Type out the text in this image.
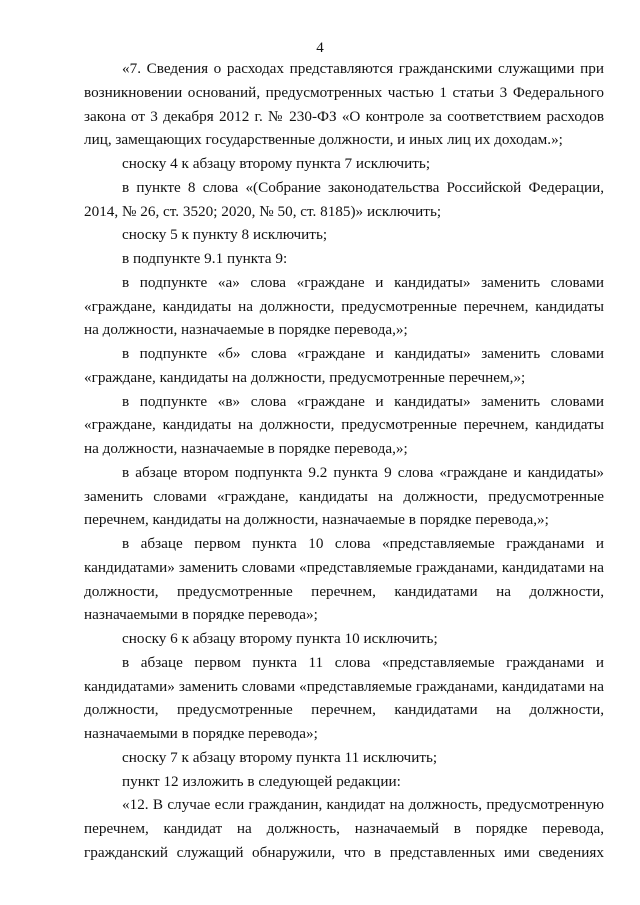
4

«7. Сведения о расходах представляются гражданскими служащими при возникновении оснований, предусмотренных частью 1 статьи 3 Федерального закона от 3 декабря 2012 г. № 230-ФЗ «О контроле за соответствием расходов лиц, замещающих государственные должности, и иных лиц их доходам.»;

сноску 4 к абзацу второму пункта 7 исключить;

в пункте 8 слова «(Собрание законодательства Российской Федерации, 2014, № 26, ст. 3520; 2020, № 50, ст. 8185)» исключить;

сноску 5 к пункту 8 исключить;

в подпункте 9.1 пункта 9:

в подпункте «а» слова «граждане и кандидаты» заменить словами «граждане, кандидаты на должности, предусмотренные перечнем, кандидаты на должности, назначаемые в порядке перевода,»;

в подпункте «б» слова «граждане и кандидаты» заменить словами «граждане, кандидаты на должности, предусмотренные перечнем,»;

в подпункте «в» слова «граждане и кандидаты» заменить словами «граждане, кандидаты на должности, предусмотренные перечнем, кандидаты на должности, назначаемые в порядке перевода,»;

в абзаце втором подпункта 9.2 пункта 9 слова «граждане и кандидаты» заменить словами «граждане, кандидаты на должности, предусмотренные перечнем, кандидаты на должности, назначаемые в порядке перевода,»;

в абзаце первом пункта 10 слова «представляемые гражданами и кандидатами» заменить словами «представляемые гражданами, кандидатами на должности, предусмотренные перечнем, кандидатами на должности, назначаемыми в порядке перевода»;

сноску 6 к абзацу второму пункта 10 исключить;

в абзаце первом пункта 11 слова «представляемые гражданами и кандидатами» заменить словами «представляемые гражданами, кандидатами на должности, предусмотренные перечнем, кандидатами на должности, назначаемыми в порядке перевода»;

сноску 7 к абзацу второму пункта 11 исключить;

пункт 12 изложить в следующей редакции:

«12. В случае если гражданин, кандидат на должность, предусмотренную перечнем, кандидат на должность, назначаемый в порядке перевода, гражданский служащий обнаружили, что в представленных ими сведениях
